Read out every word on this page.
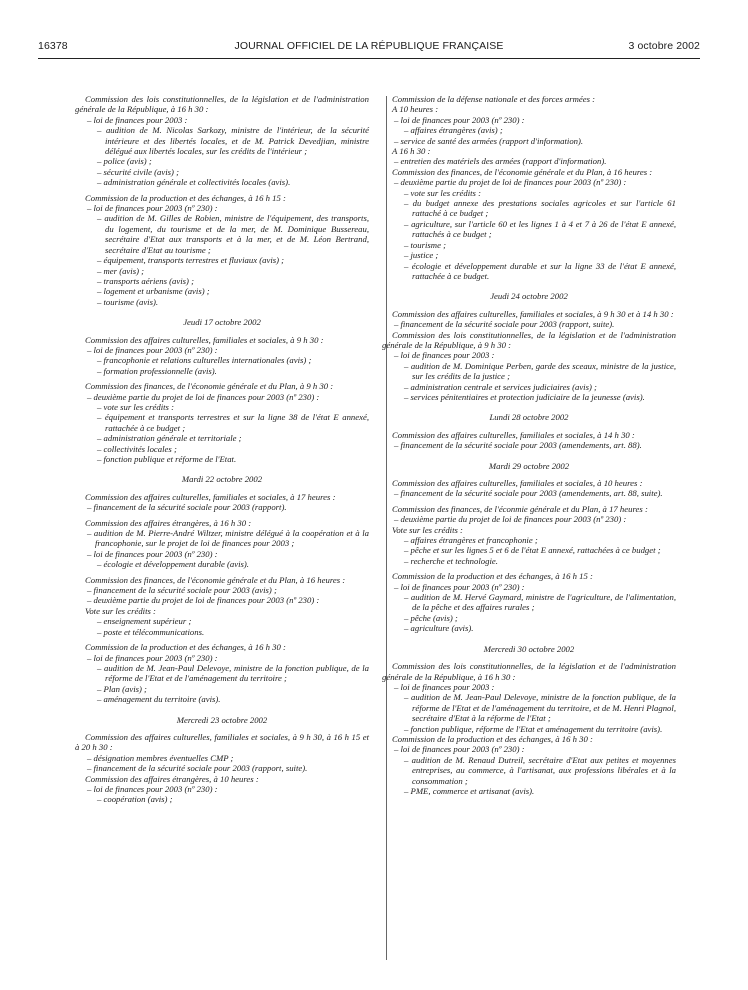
16378	JOURNAL OFFICIEL DE LA RÉPUBLIQUE FRANÇAISE	3 octobre 2002
Commission des lois constitutionnelles, de la législation et de l'administration générale de la République, à 16 h 30 :
– loi de finances pour 2003 :
– audition de M. Nicolas Sarkozy, ministre de l'intérieur, de la sécurité intérieure et des libertés locales, et de M. Patrick Devedjian, ministre délégué aux libertés locales, sur les crédits de l'intérieur ;
– police (avis) ;
– sécurité civile (avis) ;
– administration générale et collectivités locales (avis).
Commission de la production et des échanges, à 16 h 15 :
– loi de finances pour 2003 (nº 230) :
– audition de M. Gilles de Robien, ministre de l'équipement, des transports, du logement, du tourisme et de la mer, de M. Dominique Bussereau, secrétaire d'Etat aux transports et à la mer, et de M. Léon Bertrand, secrétaire d'Etat au tourisme ;
– équipement, transports terrestres et fluviaux (avis) ;
– mer (avis) ;
– transports aériens (avis) ;
– logement et urbanisme (avis) ;
– tourisme (avis).
Jeudi 17 octobre 2002
Commission des affaires culturelles, familiales et sociales, à 9 h 30 :
– loi de finances pour 2003 (nº 230) :
– francophonie et relations culturelles internationales (avis) ;
– formation professionnelle (avis).
Commission des finances, de l'économie générale et du Plan, à 9 h 30 :
– deuxième partie du projet de loi de finances pour 2003 (nº 230) :
– vote sur les crédits :
– équipement et transports terrestres et sur la ligne 38 de l'état E annexé, rattachée à ce budget ;
– administration générale et territoriale ;
– collectivités locales ;
– fonction publique et réforme de l'Etat.
Mardi 22 octobre 2002
Commission des affaires culturelles, familiales et sociales, à 17 heures :
– financement de la sécurité sociale pour 2003 (rapport).
Commission des affaires étrangères, à 16 h 30 :
– audition de M. Pierre-André Wiltzer, ministre délégué à la coopération et à la francophonie, sur le projet de loi de finances pour 2003 ;
– loi de finances pour 2003 (nº 230) :
– écologie et développement durable (avis).
Commission des finances, de l'économie générale et du Plan, à 16 heures :
– financement de la sécurité sociale pour 2003 (avis) ;
– deuxième partie du projet de loi de finances pour 2003 (nº 230) :
Vote sur les crédits :
– enseignement supérieur ;
– poste et télécommunications.
Commission de la production et des échanges, à 16 h 30 :
– loi de finances pour 2003 (nº 230) :
– audition de M. Jean-Paul Delevoye, ministre de la fonction publique, de la réforme de l'Etat et de l'aménagement du territoire ;
– Plan (avis) ;
– aménagement du territoire (avis).
Mercredi 23 octobre 2002
Commission des affaires culturelles, familiales et sociales, à 9 h 30, à 16 h 15 et à 20 h 30 :
– désignation membres éventuelles CMP ;
– financement de la sécurité sociale pour 2003 (rapport, suite).
Commission des affaires étrangères, à 10 heures :
– loi de finances pour 2003 (nº 230) :
– coopération (avis) ;
Commission de la défense nationale et des forces armées :
A 10 heures :
– loi de finances pour 2003 (nº 230) :
– affaires étrangères (avis) ;
– service de santé des armées (rapport d'information).
A 16 h 30 :
– entretien des matériels des armées (rapport d'information).
Commission des finances, de l'économie générale et du Plan, à 16 heures :
– deuxième partie du projet de loi de finances pour 2003 (nº 230) :
– vote sur les crédits :
– du budget annexe des prestations sociales agricoles et sur l'article 61 rattaché à ce budget ;
– agriculture, sur l'article 60 et les lignes 1 à 4 et 7 à 26 de l'état E annexé, rattachés à ce budget ;
– tourisme ;
– justice ;
– écologie et développement durable et sur la ligne 33 de l'état E annexé, rattachée à ce budget.
Jeudi 24 octobre 2002
Commission des affaires culturelles, familiales et sociales, à 9 h 30 et à 14 h 30 :
– financement de la sécurité sociale pour 2003 (rapport, suite).
Commission des lois constitutionnelles, de la législation et de l'administration générale de la République, à 9 h 30 :
– loi de finances pour 2003 :
– audition de M. Dominique Perben, garde des sceaux, ministre de la justice, sur les crédits de la justice ;
– administration centrale et services judiciaires (avis) ;
– services pénitentiaires et protection judiciaire de la jeunesse (avis).
Lundi 28 octobre 2002
Commission des affaires culturelles, familiales et sociales, à 14 h 30 :
– financement de la sécurité sociale pour 2003 (amendements, art. 88).
Mardi 29 octobre 2002
Commission des affaires culturelles, familiales et sociales, à 10 heures :
– financement de la sécurité sociale pour 2003 (amendements, art. 88, suite).
Commission des finances, de l'éconmie générale et du Plan, à 17 heures :
– deuxième partie du projet de loi de finances pour 2003 (nº 230) :
Vote sur les crédits :
– affaires étrangères et francophonie ;
– pêche et sur les lignes 5 et 6 de l'état E annexé, rattachées à ce budget ;
– recherche et technologie.
Commission de la production et des échanges, à 16 h 15 :
– loi de finances pour 2003 (nº 230) :
– audition de M. Hervé Gaymard, ministre de l'agriculture, de l'alimentation, de la pêche et des affaires rurales ;
– pêche (avis) ;
– agriculture (avis).
Mercredi 30 octobre 2002
Commission des lois constitutionnelles, de la législation et de l'administration générale de la République, à 16 h 30 :
– loi de finances pour 2003 :
– audition de M. Jean-Paul Delevoye, ministre de la fonction publique, de la réforme de l'Etat et de l'aménagement du territoire, et de M. Henri Plagnol, secrétaire d'Etat à la réforme de l'Etat ;
– fonction publique, réforme de l'Etat et aménagement du territoire (avis).
Commission de la production et des échanges, à 16 h 30 :
– loi de finances pour 2003 (nº 230) :
– audition de M. Renaud Dutreil, secrétaire d'Etat aux petites et moyennes entreprises, au commerce, à l'artisanat, aux professions libérales et à la consommation ;
– PME, commerce et artisanat (avis).
